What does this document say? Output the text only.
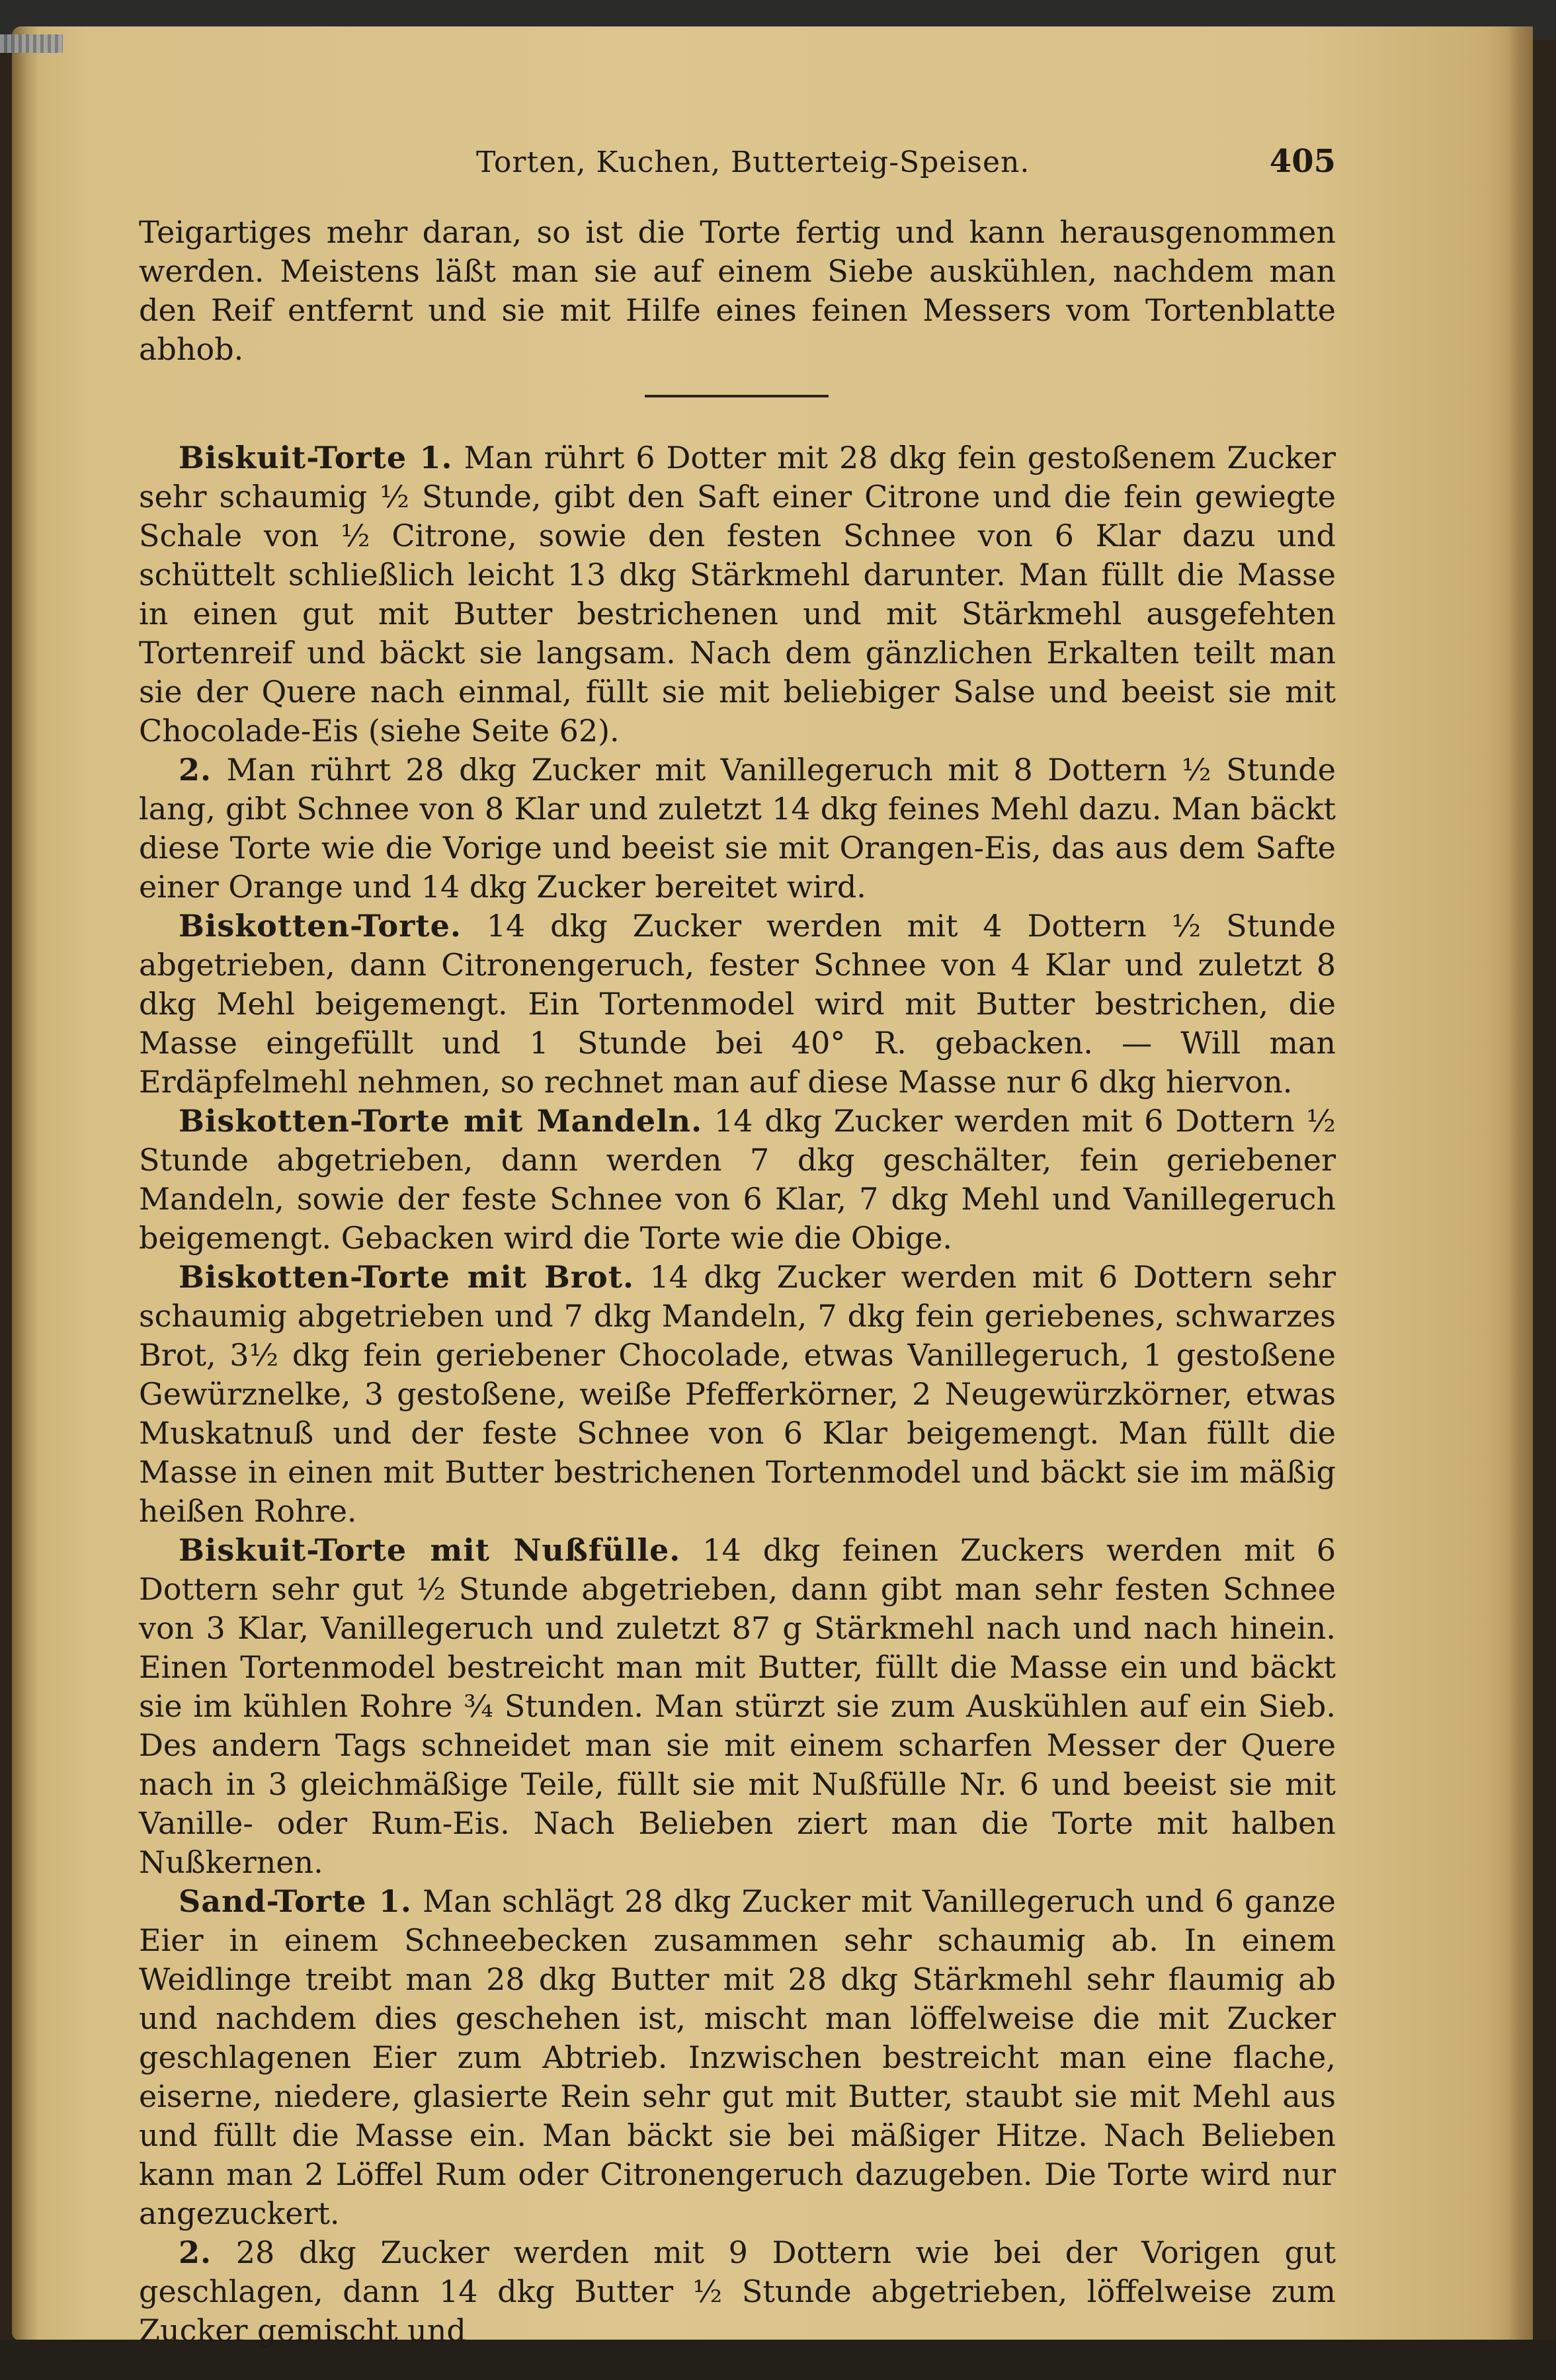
Torten, Kuchen, Butterteig-Speisen.	405

Teigartiges mehr daran, so ist die Torte fertig und kann herausgenommen werden. Meistens läßt man sie auf einem Siebe auskühlen, nachdem man den Reif entfernt und sie mit Hilfe eines feinen Messers vom Tortenblatte abhob.

Biskuit-Torte 1. Man rührt 6 Dotter mit 28 dkg fein gestoßenem Zucker sehr schaumig ½ Stunde, gibt den Saft einer Citrone und die fein gewiegte Schale von ½ Citrone, sowie den festen Schnee von 6 Klar dazu und schüttelt schließlich leicht 13 dkg Stärkmehl darunter. Man füllt die Masse in einen gut mit Butter bestrichenen und mit Stärkmehl ausgefehten Tortenreif und bäckt sie langsam. Nach dem gänzlichen Erkalten teilt man sie der Quere nach einmal, füllt sie mit beliebiger Salse und beeist sie mit Chocolade-Eis (siehe Seite 62).

2. Man rührt 28 dkg Zucker mit Vanillegeruch mit 8 Dottern ½ Stunde lang, gibt Schnee von 8 Klar und zuletzt 14 dkg feines Mehl dazu. Man bäckt diese Torte wie die Vorige und beeist sie mit Orangen-Eis, das aus dem Safte einer Orange und 14 dkg Zucker bereitet wird.

Biskotten-Torte. 14 dkg Zucker werden mit 4 Dottern ½ Stunde abgetrieben, dann Citronengeruch, fester Schnee von 4 Klar und zuletzt 8 dkg Mehl beigemengt. Ein Tortenmodel wird mit Butter bestrichen, die Masse eingefüllt und 1 Stunde bei 40° R. gebacken. — Will man Erdäpfelmehl nehmen, so rechnet man auf diese Masse nur 6 dkg hiervon.

Biskotten-Torte mit Mandeln. 14 dkg Zucker werden mit 6 Dottern ½ Stunde abgetrieben, dann werden 7 dkg geschälter, fein geriebener Mandeln, sowie der feste Schnee von 6 Klar, 7 dkg Mehl und Vanillegeruch beigemengt. Gebacken wird die Torte wie die Obige.

Biskotten-Torte mit Brot. 14 dkg Zucker werden mit 6 Dottern sehr schaumig abgetrieben und 7 dkg Mandeln, 7 dkg fein geriebenes, schwarzes Brot, 3½ dkg fein geriebener Chocolade, etwas Vanillegeruch, 1 gestoßene Gewürznelke, 3 gestoßene, weiße Pfefferkörner, 2 Neugewürzkörner, etwas Muskatnuß und der feste Schnee von 6 Klar beigemengt. Man füllt die Masse in einen mit Butter bestrichenen Tortenmodel und bäckt sie im mäßig heißen Rohre.

Biskuit-Torte mit Nußfülle. 14 dkg feinen Zuckers werden mit 6 Dottern sehr gut ½ Stunde abgetrieben, dann gibt man sehr festen Schnee von 3 Klar, Vanillegeruch und zuletzt 87 g Stärkmehl nach und nach hinein. Einen Tortenmodel bestreicht man mit Butter, füllt die Masse ein und bäckt sie im kühlen Rohre ¾ Stunden. Man stürzt sie zum Auskühlen auf ein Sieb. Des andern Tags schneidet man sie mit einem scharfen Messer der Quere nach in 3 gleichmäßige Teile, füllt sie mit Nußfülle Nr. 6 und beeist sie mit Vanille- oder Rum-Eis. Nach Belieben ziert man die Torte mit halben Nußkernen.

Sand-Torte 1. Man schlägt 28 dkg Zucker mit Vanillegeruch und 6 ganze Eier in einem Schneebecken zusammen sehr schaumig ab. In einem Weidlinge treibt man 28 dkg Butter mit 28 dkg Stärkmehl sehr flaumig ab und nachdem dies geschehen ist, mischt man löffelweise die mit Zucker geschlagenen Eier zum Abtrieb. Inzwischen bestreicht man eine flache, eiserne, niedere, glasierte Rein sehr gut mit Butter, staubt sie mit Mehl aus und füllt die Masse ein. Man bäckt sie bei mäßiger Hitze. Nach Belieben kann man 2 Löffel Rum oder Citronengeruch dazugeben. Die Torte wird nur angezuckert.

2. 28 dkg Zucker werden mit 9 Dottern wie bei der Vorigen gut geschlagen, dann 14 dkg Butter ½ Stunde abgetrieben, löffelweise zum Zucker gemischt und
